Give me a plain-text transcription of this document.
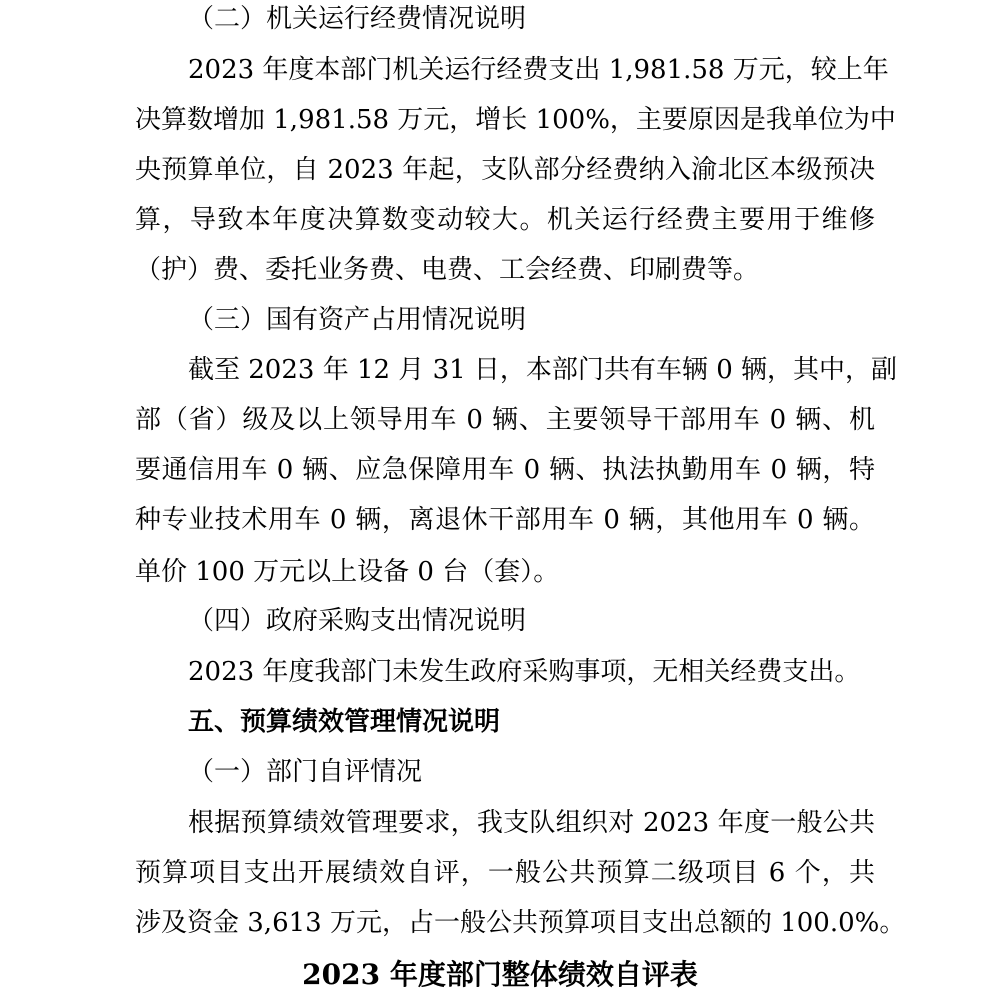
（二）机关运行经费情况说明
2023 年度本部门机关运行经费支出 1,981.58 万元，较上年
决算数增加 1,981.58 万元，增长 100%，主要原因是我单位为中
央预算单位，自 2023 年起，支队部分经费纳入渝北区本级预决
算，导致本年度决算数变动较大。机关运行经费主要用于维修
（护）费、委托业务费、电费、工会经费、印刷费等。
（三）国有资产占用情况说明
截至 2023 年 12 月 31 日，本部门共有车辆 0 辆，其中，副
部（省）级及以上领导用车 0 辆、主要领导干部用车 0 辆、机
要通信用车 0 辆、应急保障用车 0 辆、执法执勤用车 0 辆，特
种专业技术用车 0 辆，离退休干部用车 0 辆，其他用车 0 辆。
单价 100 万元以上设备 0 台（套）。
（四）政府采购支出情况说明
2023 年度我部门未发生政府采购事项，无相关经费支出。
五、预算绩效管理情况说明
（一）部门自评情况
根据预算绩效管理要求，我支队组织对 2023 年度一般公共
预算项目支出开展绩效自评，一般公共预算二级项目 6 个，共
涉及资金 3,613 万元，占一般公共预算项目支出总额的 100.0%。
2023 年度部门整体绩效自评表
